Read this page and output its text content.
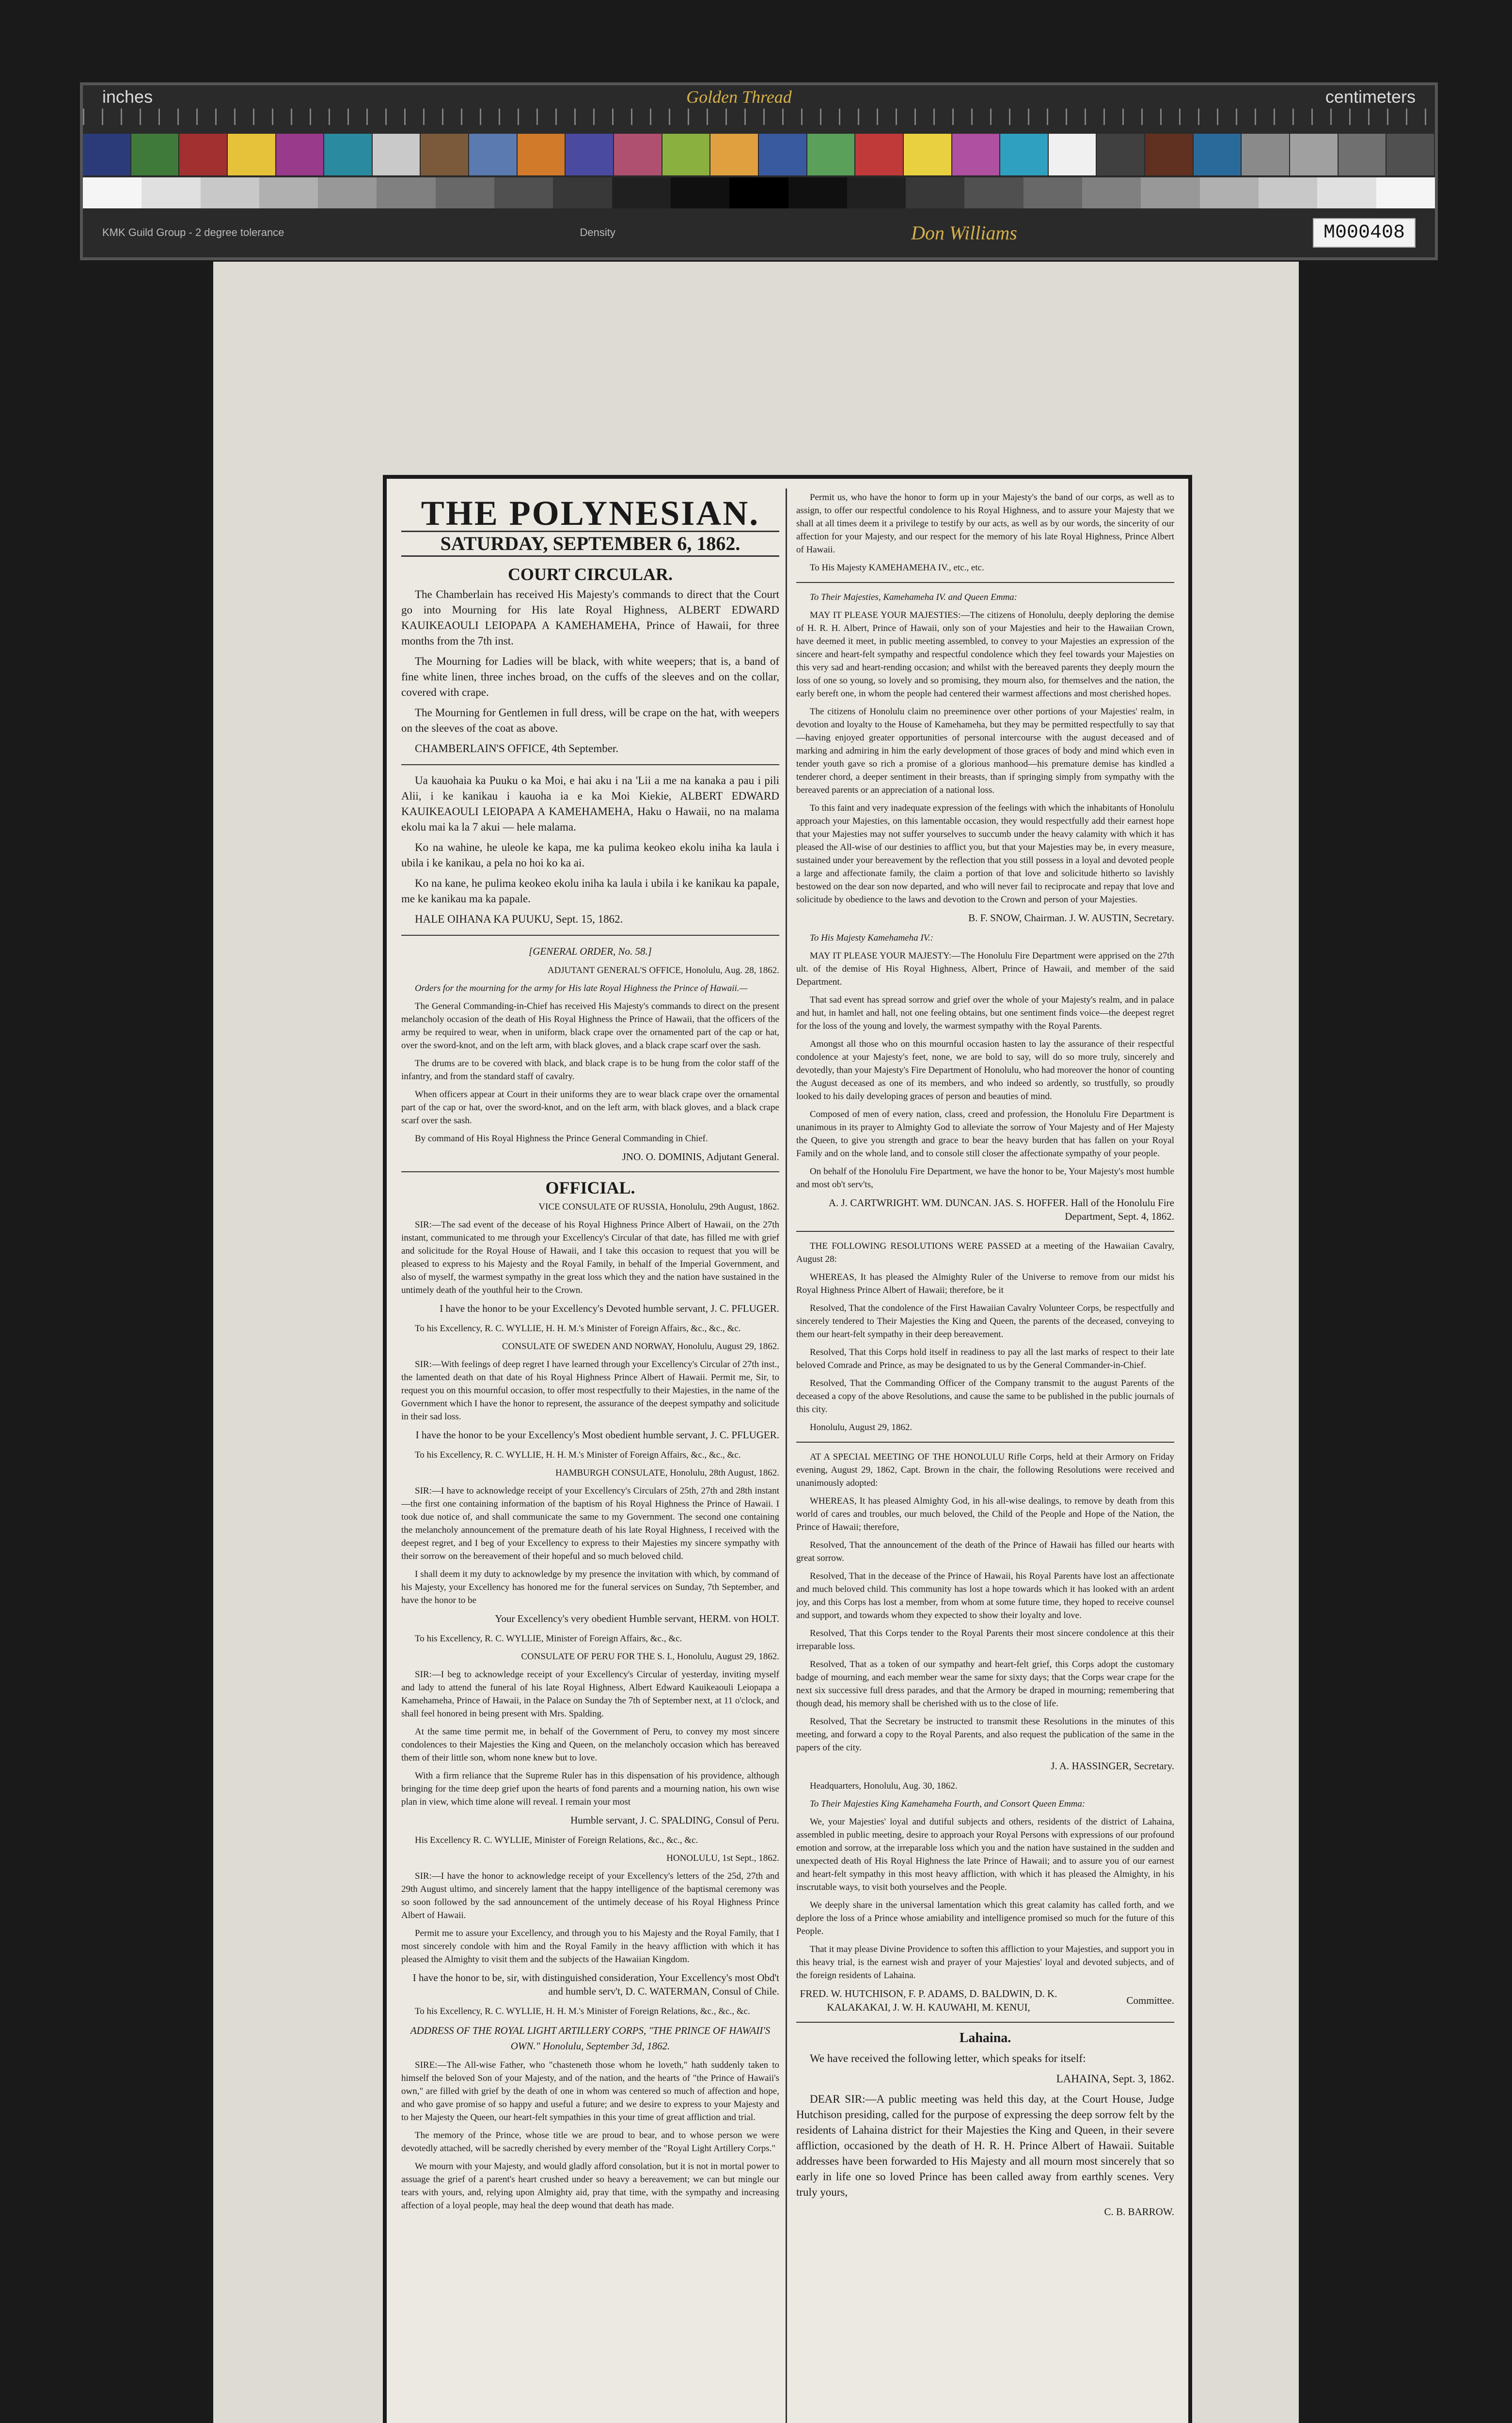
inches	Golden Thread	centimeters
KMK Guild Group - 2 degree tolerance	Density	Don Williams	M000408
THE POLYNESIAN.
SATURDAY, SEPTEMBER 6, 1862.
COURT CIRCULAR.

The Chamberlain has received His Majesty's commands to direct that the Court go into Mourning for His late Royal Highness, ALBERT EDWARD KAUIKEAOULI LEIOPAPA A KAMEHAMEHA, Prince of Hawaii, for three months from the 7th inst.

The Mourning for Ladies will be black, with white weepers; that is, a band of fine white linen, three inches broad, on the cuffs of the sleeves and on the collar, covered with crape.

The Mourning for Gentlemen in full dress, will be crape on the hat, with weepers on the sleeves of the coat as above.

CHAMBERLAIN'S OFFICE, 4th September.

Ua kauohaia ka Puuku o ka Moi, e hai aku i na 'Lii a me na kanaka a pau i pili Alii, i ke kanikau i kauoha ia e ka Moi Kiekie, ALBERT EDWARD KAUIKEAOULI LEIOPAPA A KAMEHAMEHA, Haku o Hawaii, no na malama ekolu mai ka la 7 akui — hele malama.

Ko na wahine, he uleole ke kapa, me ka pulima keokeo ekolu iniha ka laula i ubila i ke kanikau, a pela no hoi ko ka ai.

Ko na kane, he pulima keokeo ekolu iniha ka laula i ubila i ke kanikau ka papale, me ke kanikau ma ka papale.

HALE OIHANA KA PUUKU, Sept. 15, 1862.

[GENERAL ORDER, No. 58.]
ADJUTANT GENERAL'S OFFICE, Honolulu, Aug. 28, 1862.

Orders for the mourning for the army for His late Royal Highness the Prince of Hawaii.—

The General Commanding-in-Chief has received His Majesty's commands to direct on the present melancholy occasion of the death of His Royal Highness the Prince of Hawaii, that the officers of the army be required to wear, when in uniform, black crape over the ornamented part of the cap or hat, over the sword-knot, and on the left arm, with black gloves, and a black crape scarf over the sash.

The drums are to be covered with black, and black crape is to be hung from the color staff of the infantry, and from the standard staff of cavalry.

When officers appear at Court in their uniforms they are to wear black crape over the ornamental part of the cap or hat, over the sword-knot, and on the left arm, with black gloves, and a black crape scarf over the sash.

By command of His Royal Highness the Prince General Commanding in Chief.

JNO. O. DOMINIS, Adjutant General.
OFFICIAL.
VICE CONSULATE OF RUSSIA, Honolulu, 29th August, 1862.

SIR:—The sad event of the decease of his Royal Highness Prince Albert of Hawaii, on the 27th instant, communicated to me through your Excellency's Circular of that date, has filled me with grief and solicitude for the Royal House of Hawaii, and I take this occasion to request that you will be pleased to express to his Majesty and the Royal Family, in behalf of the Imperial Government, and also of myself, the warmest sympathy in the great loss which they and the nation have sustained in the untimely death of the youthful heir to the Crown.

I have the honor to be your Excellency's Devoted humble servant, J. C. PFLUGER.

To his Excellency, R. C. WYLLIE, H. H. M.'s Minister of Foreign Affairs, &c., &c., &c.

CONSULATE OF SWEDEN AND NORWAY, Honolulu, August 29, 1862.

SIR:—With feelings of deep regret I have learned through your Excellency's Circular of 27th inst., the lamented death on that date of his Royal Highness Prince Albert of Hawaii. Permit me, Sir, to request you on this mournful occasion, to offer most respectfully to their Majesties, in the name of the Government which I have the honor to represent, the assurance of the deepest sympathy and solicitude in their sad loss.

I have the honor to be your Excellency's Most obedient humble servant, J. C. PFLUGER.

To his Excellency, R. C. WYLLIE, H. H. M.'s Minister of Foreign Affairs, &c., &c., &c.

HAMBURGH CONSULATE, Honolulu, 28th August, 1862.

SIR:—I have to acknowledge receipt of your Excellency's Circulars of 25th, 27th and 28th instant—the first one containing information of the baptism of his Royal Highness the Prince of Hawaii. I took due notice of, and shall communicate the same to my Government. The second one containing the melancholy announcement of the premature death of his late Royal Highness, I received with the deepest regret, and I beg of your Excellency to express to their Majesties my sincere sympathy with their sorrow on the bereavement of their hopeful and so much beloved child.

I shall deem it my duty to acknowledge by my presence the invitation with which, by command of his Majesty, your Excellency has honored me for the funeral services on Sunday, 7th September, and have the honor to be

Your Excellency's very obedient Humble servant, HERM. von HOLT.

To his Excellency, R. C. WYLLIE, Minister of Foreign Affairs, &c., &c.

CONSULATE OF PERU FOR THE S. I., Honolulu, August 29, 1862.

SIR:—I beg to acknowledge receipt of your Excellency's Circular of yesterday, inviting myself and lady to attend the funeral of his late Royal Highness, Albert Edward Kauikeaouli Leiopapa a Kamehameha, Prince of Hawaii, in the Palace on Sunday the 7th of September next, at 11 o'clock, and shall feel honored in being present with Mrs. Spalding.

At the same time permit me, in behalf of the Government of Peru, to convey my most sincere condolences to their Majesties the King and Queen, on the melancholy occasion which has bereaved them of their little son, whom none knew but to love.

With a firm reliance that the Supreme Ruler has in this dispensation of his providence, although bringing for the time deep grief upon the hearts of fond parents and a mourning nation, his own wise plan in view, which time alone will reveal. I remain your most

Humble servant, J. C. SPALDING, Consul of Peru.

His Excellency R. C. WYLLIE, Minister of Foreign Relations, &c., &c., &c.

HONOLULU, 1st Sept., 1862.

SIR:—I have the honor to acknowledge receipt of your Excellency's letters of the 25d, 27th and 29th August ultimo, and sincerely lament that the happy intelligence of the baptismal ceremony was so soon followed by the sad announcement of the untimely decease of his Royal Highness Prince Albert of Hawaii.

Permit me to assure your Excellency, and through you to his Majesty and the Royal Family, that I most sincerely condole with him and the Royal Family in the heavy affliction with which it has pleased the Almighty to visit them and the subjects of the Hawaiian Kingdom.

I have the honor to be, sir, with distinguished consideration, Your Excellency's most Obd't and humble serv't, D. C. WATERMAN, Consul of Chile.

To his Excellency, R. C. WYLLIE, H. H. M.'s Minister of Foreign Relations, &c., &c., &c.

ADDRESS OF THE ROYAL LIGHT ARTILLERY CORPS, "THE PRINCE OF HAWAII'S OWN." Honolulu, September 3d, 1862.

SIRE:—The All-wise Father, who "chasteneth those whom he loveth," hath suddenly taken to himself the beloved Son of your Majesty, and of the nation, and the hearts of "the Prince of Hawaii's own," are filled with grief by the death of one in whom was centered so much of affection and hope, and who gave promise of so happy and useful a future; and we desire to express to your Majesty and to her Majesty the Queen, our heart-felt sympathies in this your time of great affliction and trial.

The memory of the Prince, whose title we are proud to bear, and to whose person we were devotedly attached, will be sacredly cherished by every member of the "Royal Light Artillery Corps."

We mourn with your Majesty, and would gladly afford consolation, but it is not in mortal power to assuage the grief of a parent's heart crushed under so heavy a bereavement; we can but mingle our tears with yours, and, relying upon Almighty aid, pray that time, with the sympathy and increasing affection of a loyal people, may heal the deep wound that death has made.

Permit us, who have the honor to form up in your Majesty's the band of our corps, as well as to assign, to offer our respectful condolence to his Royal Highness, and to assure your Majesty that we shall at all times deem it a privilege to testify by our acts, as well as by our words, the sincerity of our affection for your Majesty, and our respect for the memory of his late Royal Highness, Prince Albert of Hawaii.

To His Majesty KAMEHAMEHA IV., etc., etc.

To Their Majesties, Kamehameha IV. and Queen Emma:

MAY IT PLEASE YOUR MAJESTIES:—The citizens of Honolulu, deeply deploring the demise of H. R. H. Albert, Prince of Hawaii, only son of your Majesties and heir to the Hawaiian Crown, have deemed it meet, in public meeting assembled, to convey to your Majesties an expression of the sincere and heart-felt sympathy and respectful condolence which they feel towards your Majesties on this very sad and heart-rending occasion; and whilst with the bereaved parents they deeply mourn the loss of one so young, so lovely and so promising, they mourn also, for themselves and the nation, the early bereft one, in whom the people had centered their warmest affections and most cherished hopes.

The citizens of Honolulu claim no preeminence over other portions of your Majesties' realm, in devotion and loyalty to the House of Kamehameha, but they may be permitted respectfully to say that—having enjoyed greater opportunities of personal intercourse with the august deceased and of marking and admiring in him the early development of those graces of body and mind which even in tender youth gave so rich a promise of a glorious manhood—his premature demise has kindled a tenderer chord, a deeper sentiment in their breasts, than if springing simply from sympathy with the bereaved parents or an appreciation of a national loss.

To this faint and very inadequate expression of the feelings with which the inhabitants of Honolulu approach your Majesties, on this lamentable occasion, they would respectfully add their earnest hope that your Majesties may not suffer yourselves to succumb under the heavy calamity with which it has pleased the All-wise of our destinies to afflict you, but that your Majesties may be, in every measure, sustained under your bereavement by the reflection that you still possess in a loyal and devoted people a large and affectionate family, the claim a portion of that love and solicitude hitherto so lavishly bestowed on the dear son now departed, and who will never fail to reciprocate and repay that love and solicitude by obedience to the laws and devotion to the Crown and person of your Majesties.

B. F. SNOW, Chairman. J. W. AUSTIN, Secretary.

To His Majesty Kamehameha IV.:

MAY IT PLEASE YOUR MAJESTY:—The Honolulu Fire Department were apprised on the 27th ult. of the demise of His Royal Highness, Albert, Prince of Hawaii, and member of the said Department.

That sad event has spread sorrow and grief over the whole of your Majesty's realm, and in palace and hut, in hamlet and hall, not one feeling obtains, but one sentiment finds voice—the deepest regret for the loss of the young and lovely, the warmest sympathy with the Royal Parents.

Amongst all those who on this mournful occasion hasten to lay the assurance of their respectful condolence at your Majesty's feet, none, we are bold to say, will do so more truly, sincerely and devotedly, than your Majesty's Fire Department of Honolulu, who had moreover the honor of counting the August deceased as one of its members, and who indeed so ardently, so trustfully, so proudly looked to his daily developing graces of person and beauties of mind.

Composed of men of every nation, class, creed and profession, the Honolulu Fire Department is unanimous in its prayer to Almighty God to alleviate the sorrow of Your Majesty and of Her Majesty the Queen, to give you strength and grace to bear the heavy burden that has fallen on your Royal Family and on the whole land, and to console still closer the affectionate sympathy of your people.

On behalf of the Honolulu Fire Department, we have the honor to be, Your Majesty's most humble and most ob't serv'ts,

A. J. CARTWRIGHT. WM. DUNCAN. JAS. S. HOFFER. Hall of the Honolulu Fire Department, Sept. 4, 1862.

THE FOLLOWING RESOLUTIONS WERE PASSED at a meeting of the Hawaiian Cavalry, August 28:

WHEREAS, It has pleased the Almighty Ruler of the Universe to remove from our midst his Royal Highness Prince Albert of Hawaii; therefore, be it

Resolved, That the condolence of the First Hawaiian Cavalry Volunteer Corps, be respectfully and sincerely tendered to Their Majesties the King and Queen, the parents of the deceased, conveying to them our heart-felt sympathy in their deep bereavement.

Resolved, That this Corps hold itself in readiness to pay all the last marks of respect to their late beloved Comrade and Prince, as may be designated to us by the General Commander-in-Chief.

Resolved, That the Commanding Officer of the Company transmit to the august Parents of the deceased a copy of the above Resolutions, and cause the same to be published in the public journals of this city.

Honolulu, August 29, 1862.

AT A SPECIAL MEETING OF THE HONOLULU Rifle Corps, held at their Armory on Friday evening, August 29, 1862, Capt. Brown in the chair, the following Resolutions were received and unanimously adopted:

WHEREAS, It has pleased Almighty God, in his all-wise dealings, to remove by death from this world of cares and troubles, our much beloved, the Child of the People and Hope of the Nation, the Prince of Hawaii; therefore,

Resolved, That the announcement of the death of the Prince of Hawaii has filled our hearts with great sorrow.

Resolved, That in the decease of the Prince of Hawaii, his Royal Parents have lost an affectionate and much beloved child. This community has lost a hope towards which it has looked with an ardent joy, and this Corps has lost a member, from whom at some future time, they hoped to receive counsel and support, and towards whom they expected to show their loyalty and love.

Resolved, That this Corps tender to the Royal Parents their most sincere condolence at this their irreparable loss.

Resolved, That as a token of our sympathy and heart-felt grief, this Corps adopt the customary badge of mourning, and each member wear the same for sixty days; that the Corps wear crape for the next six successive full dress parades, and that the Armory be draped in mourning; remembering that though dead, his memory shall be cherished with us to the close of life.

Resolved, That the Secretary be instructed to transmit these Resolutions in the minutes of this meeting, and forward a copy to the Royal Parents, and also request the publication of the same in the papers of the city.

J. A. HASSINGER, Secretary.

Headquarters, Honolulu, Aug. 30, 1862.

To Their Majesties King Kamehameha Fourth, and Consort Queen Emma:

We, your Majesties' loyal and dutiful subjects and others, residents of the district of Lahaina, assembled in public meeting, desire to approach your Royal Persons with expressions of our profound emotion and sorrow, at the irreparable loss which you and the nation have sustained in the sudden and unexpected death of His Royal Highness the late Prince of Hawaii; and to assure you of our earnest and heart-felt sympathy in this most heavy affliction, with which it has pleased the Almighty, in his inscrutable ways, to visit both yourselves and the People.

We deeply share in the universal lamentation which this great calamity has called forth, and we deplore the loss of a Prince whose amiability and intelligence promised so much for the future of this People.

That it may please Divine Providence to soften this affliction to your Majesties, and support you in this heavy trial, is the earnest wish and prayer of your Majesties' loyal and devoted subjects, and of the foreign residents of Lahaina.

FRED. W. HUTCHISON, F. P. ADAMS, D. BALDWIN, D. K. KALAKAKAI, J. W. H. KAUWAHI, M. KENUI,
Committee.
Lahaina.

We have received the following letter, which speaks for itself:

LAHAINA, Sept. 3, 1862.

DEAR SIR:—A public meeting was held this day, at the Court House, Judge Hutchison presiding, called for the purpose of expressing the deep sorrow felt by the residents of Lahaina district for their Majesties the King and Queen, in their severe affliction, occasioned by the death of H. R. H. Prince Albert of Hawaii. Suitable addresses have been forwarded to His Majesty and all mourn most sincerely that so early in life one so loved Prince has been called away from earthly scenes. Very truly yours,

C. B. BARROW.
